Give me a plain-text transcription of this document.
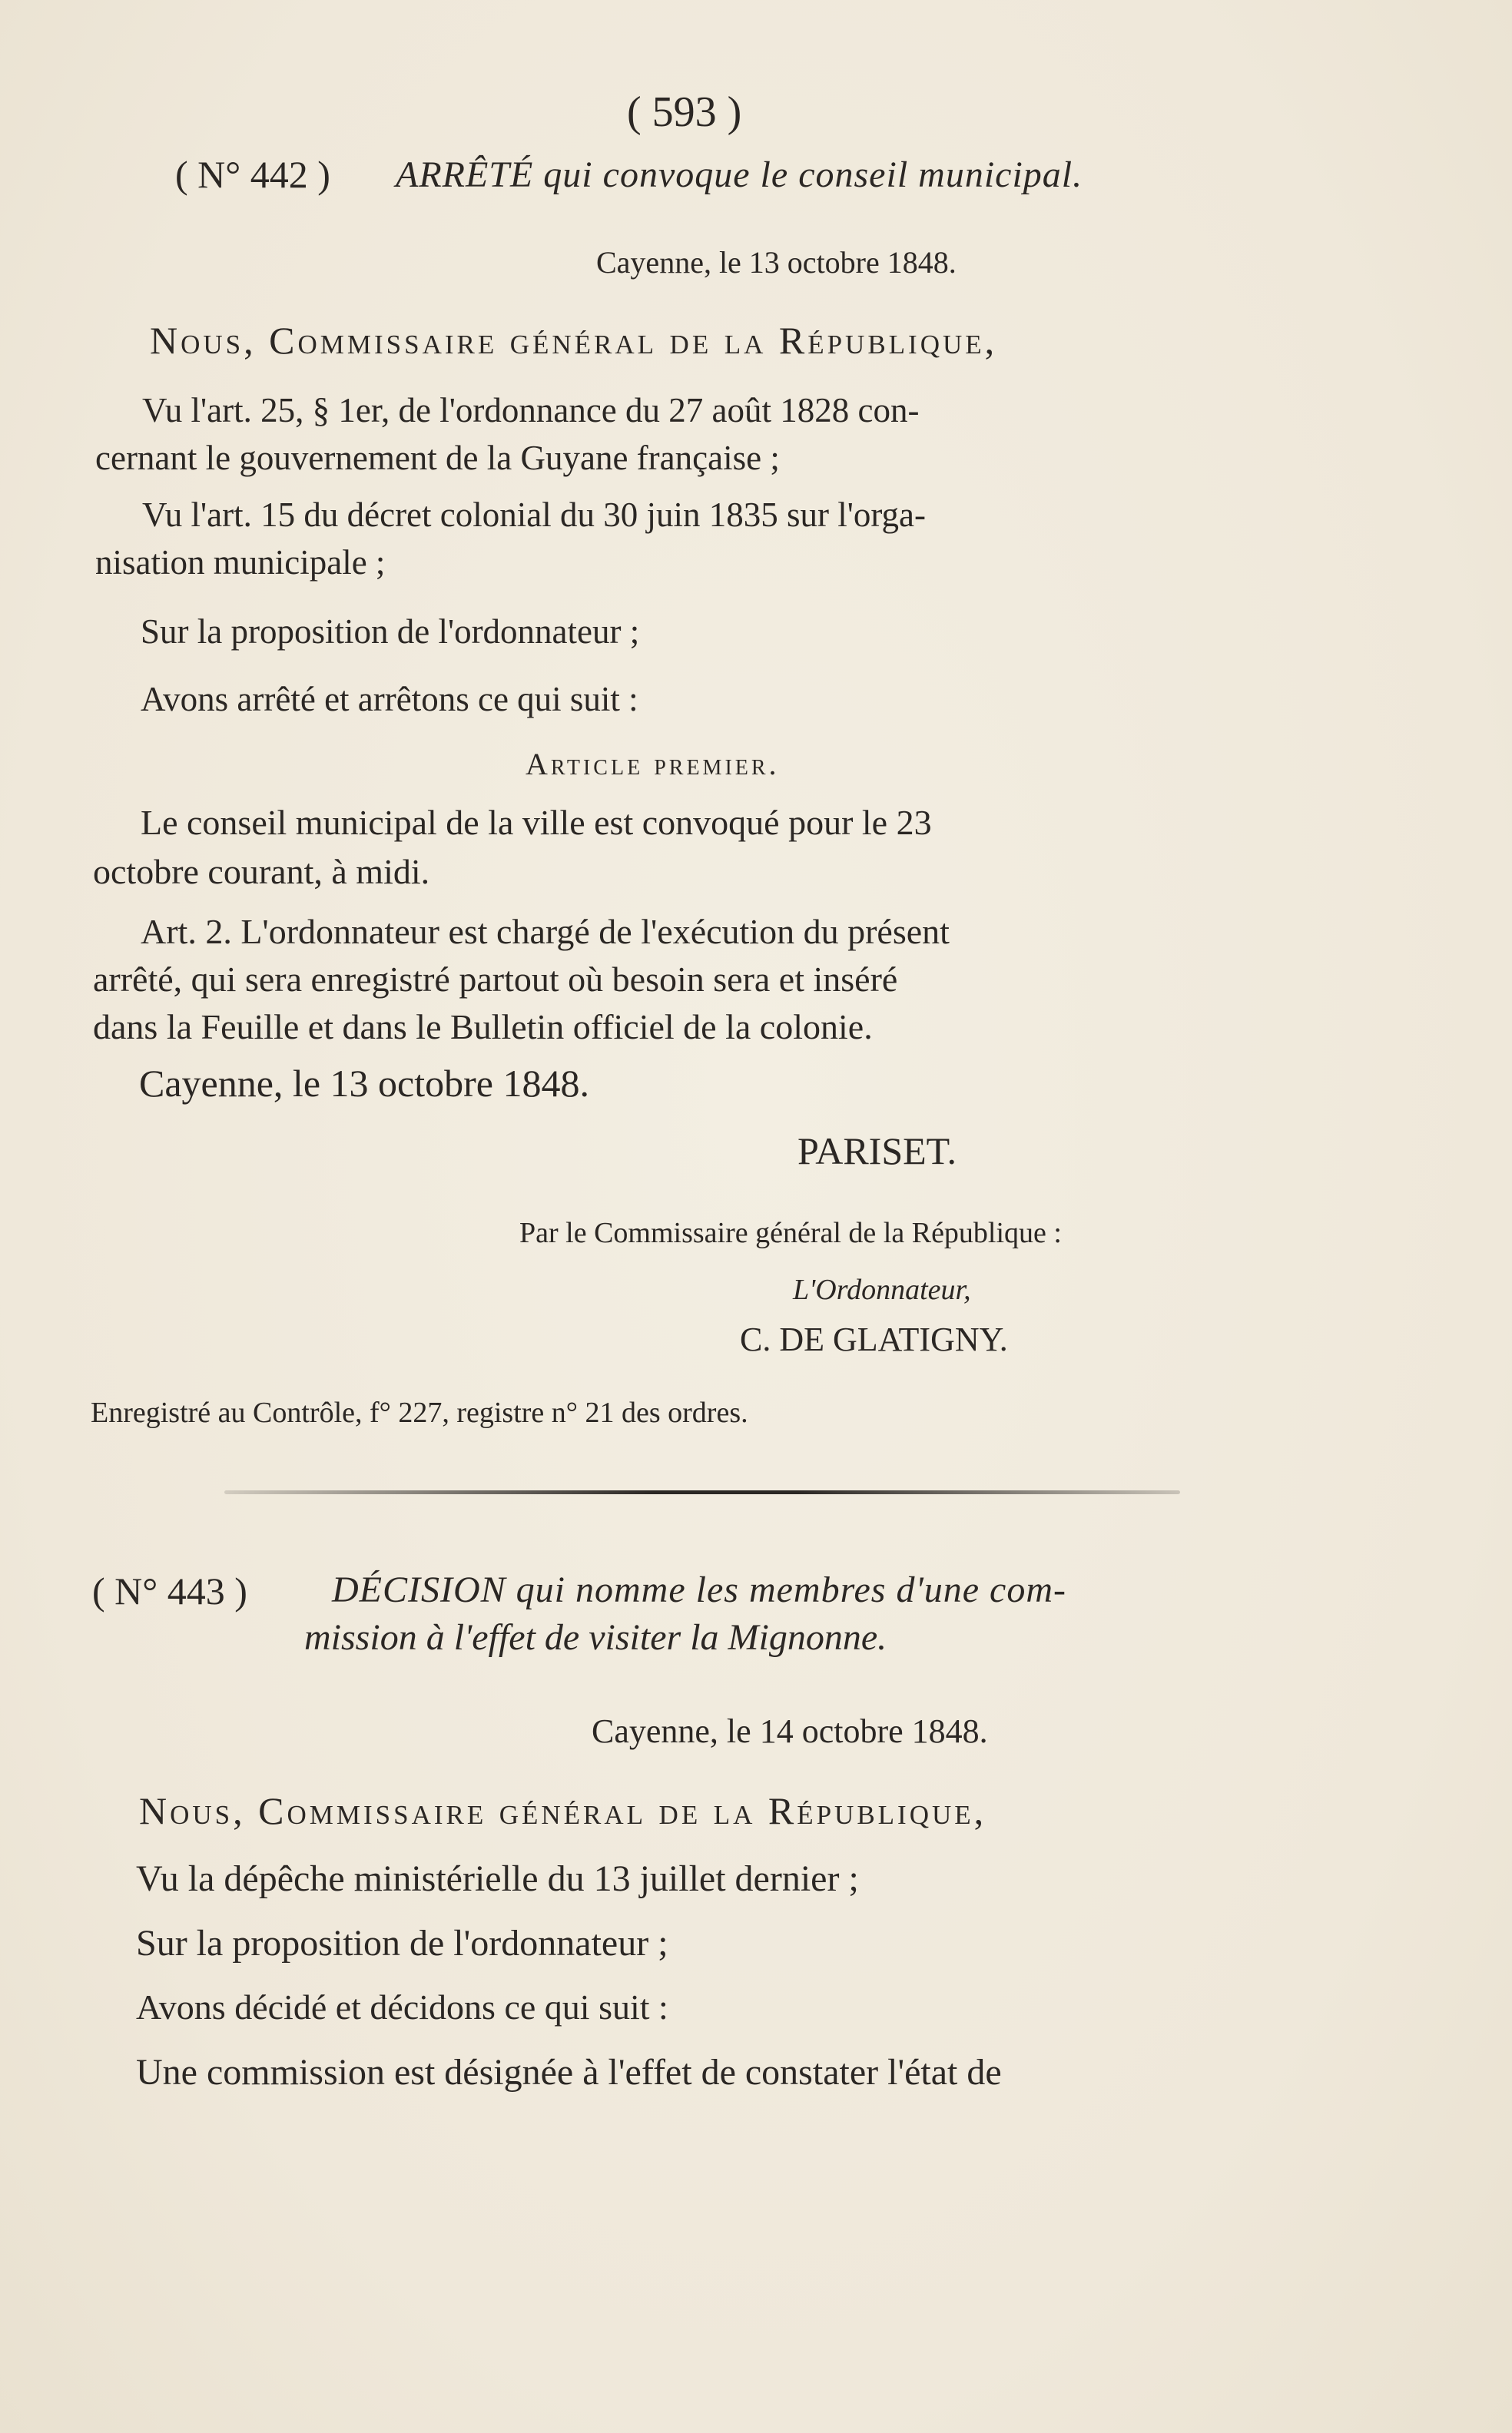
( 593 )
( N° 442 ) ARRÊTÉ qui convoque le conseil municipal.
Cayenne, le 13 octobre 1848.
Nous, Commissaire général de la République,
Vu l'art. 25, § 1er, de l'ordonnance du 27 août 1828 con-
cernant le gouvernement de la Guyane française ;
Vu l'art. 15 du décret colonial du 30 juin 1835 sur l'orga-
nisation municipale ;
Sur la proposition de l'ordonnateur ;
Avons arrêté et arrêtons ce qui suit :
Article premier.
Le conseil municipal de la ville est convoqué pour le 23
octobre courant, à midi.
Art. 2. L'ordonnateur est chargé de l'exécution du présent
arrêté, qui sera enregistré partout où besoin sera et inséré
dans la Feuille et dans le Bulletin officiel de la colonie.
Cayenne, le 13 octobre 1848.
PARISET.
Par le Commissaire général de la République :
L'Ordonnateur,
C. DE GLATIGNY.
Enregistré au Contrôle, f° 227, registre n° 21 des ordres.
( N° 443 ) DÉCISION qui nomme les membres d'une com-
mission à l'effet de visiter la Mignonne.
Cayenne, le 14 octobre 1848.
Nous, Commissaire général de la République,
Vu la dépêche ministérielle du 13 juillet dernier ;
Sur la proposition de l'ordonnateur ;
Avons décidé et décidons ce qui suit :
Une commission est désignée à l'effet de constater l'état de
